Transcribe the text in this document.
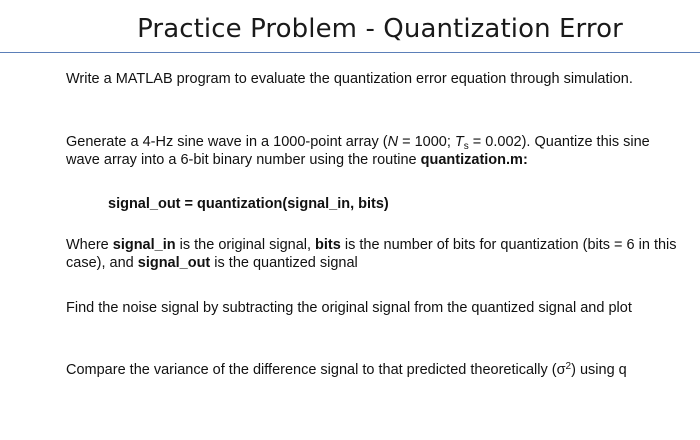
Practice Problem - Quantization Error
Write a MATLAB program to evaluate the quantization error equation through simulation.
Generate a 4-Hz sine wave in a 1000-point array (N = 1000; $T_s = 0.002$). Quantize this sine wave array into a 6-bit binary number using the routine quantization.m:
signal_out = quantization(signal_in, bits)
Where signal_in is the original signal, bits is the number of bits for quantization (bits = 6 in this case), and signal_out is the quantized signal
Find the noise signal by subtracting the original signal from the quantized signal and plot
Compare the variance of the difference signal to that predicted theoretically $(\sigma^2)$ using q
